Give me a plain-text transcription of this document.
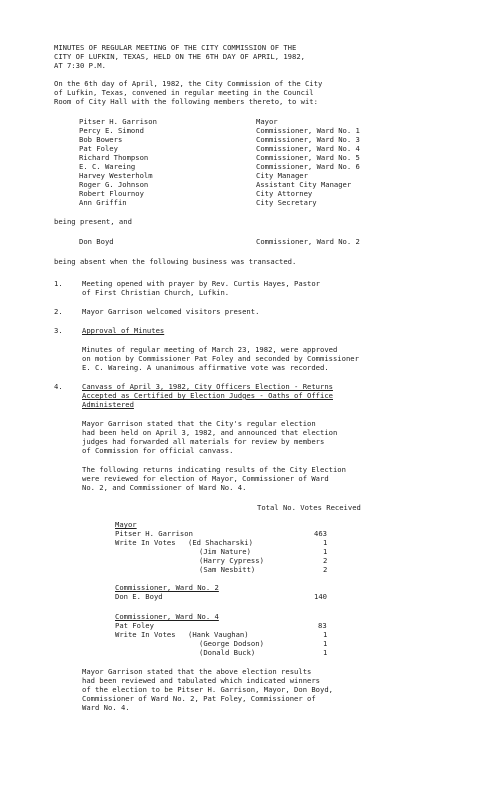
MINUTES OF REGULAR MEETING OF THE CITY COMMISSION OF THE
CITY OF LUFKIN, TEXAS, HELD ON THE 6TH DAY OF APRIL, 1982,
AT 7:30 P.M.
On the 6th day of April, 1982, the City Commission of the City
of Lufkin, Texas, convened in regular meeting in the Council
Room of City Hall with the following members thereto, to wit:
Pitser H. Garrison	Mayor
Percy E. Simond	Commissioner, Ward No. 1
Bob Bowers	Commissioner, Ward No. 3
Pat Foley	Commissioner, Ward No. 4
Richard Thompson	Commissioner, Ward No. 5
E. C. Wareing	Commissioner, Ward No. 6
Harvey Westerholm	City Manager
Roger G. Johnson	Assistant City Manager
Robert Flournoy	City Attorney
Ann Griffin	City Secretary
being present, and
Don Boyd	Commissioner, Ward No. 2
being absent when the following business was transacted.
1.	Meeting opened with prayer by Rev. Curtis Hayes, Pastor
of First Christian Church, Lufkin.
2.	Mayor Garrison welcomed visitors present.
3.	Approval of Minutes
Minutes of regular meeting of March 23, 1982, were approved
on motion by Commissioner Pat Foley and seconded by Commissioner
E. C. Wareing. A unanimous affirmative vote was recorded.
4.	Canvass of April 3, 1982, City Officers Election - Returns
Accepted as Certified by Election Judges - Oaths of Office
Administered
Mayor Garrison stated that the City's regular election
had been held on April 3, 1982, and announced that election
judges had forwarded all materials for review by members
of Commission for official canvass.
The following returns indicating results of the City Election
were reviewed for election of Mayor, Commissioner of Ward
No. 2, and Commissioner of Ward No. 4.
Total No. Votes Received
Mayor
Pitser H. Garrison	463
Write In Votes (Ed Shacharski)	1
(Jim Nature)	1
(Harry Cypress)	2
(Sam Nesbitt)	2
Commissioner, Ward No. 2
Don E. Boyd	140
Commissioner, Ward No. 4
Pat Foley	83
Write In Votes (Hank Vaughan)	1
(George Dodson)	1
(Donald Buck)	1
Mayor Garrison stated that the above election results
had been reviewed and tabulated which indicated winners
of the election to be Pitser H. Garrison, Mayor, Don Boyd,
Commissioner of Ward No. 2, Pat Foley, Commissioner of
Ward No. 4.
